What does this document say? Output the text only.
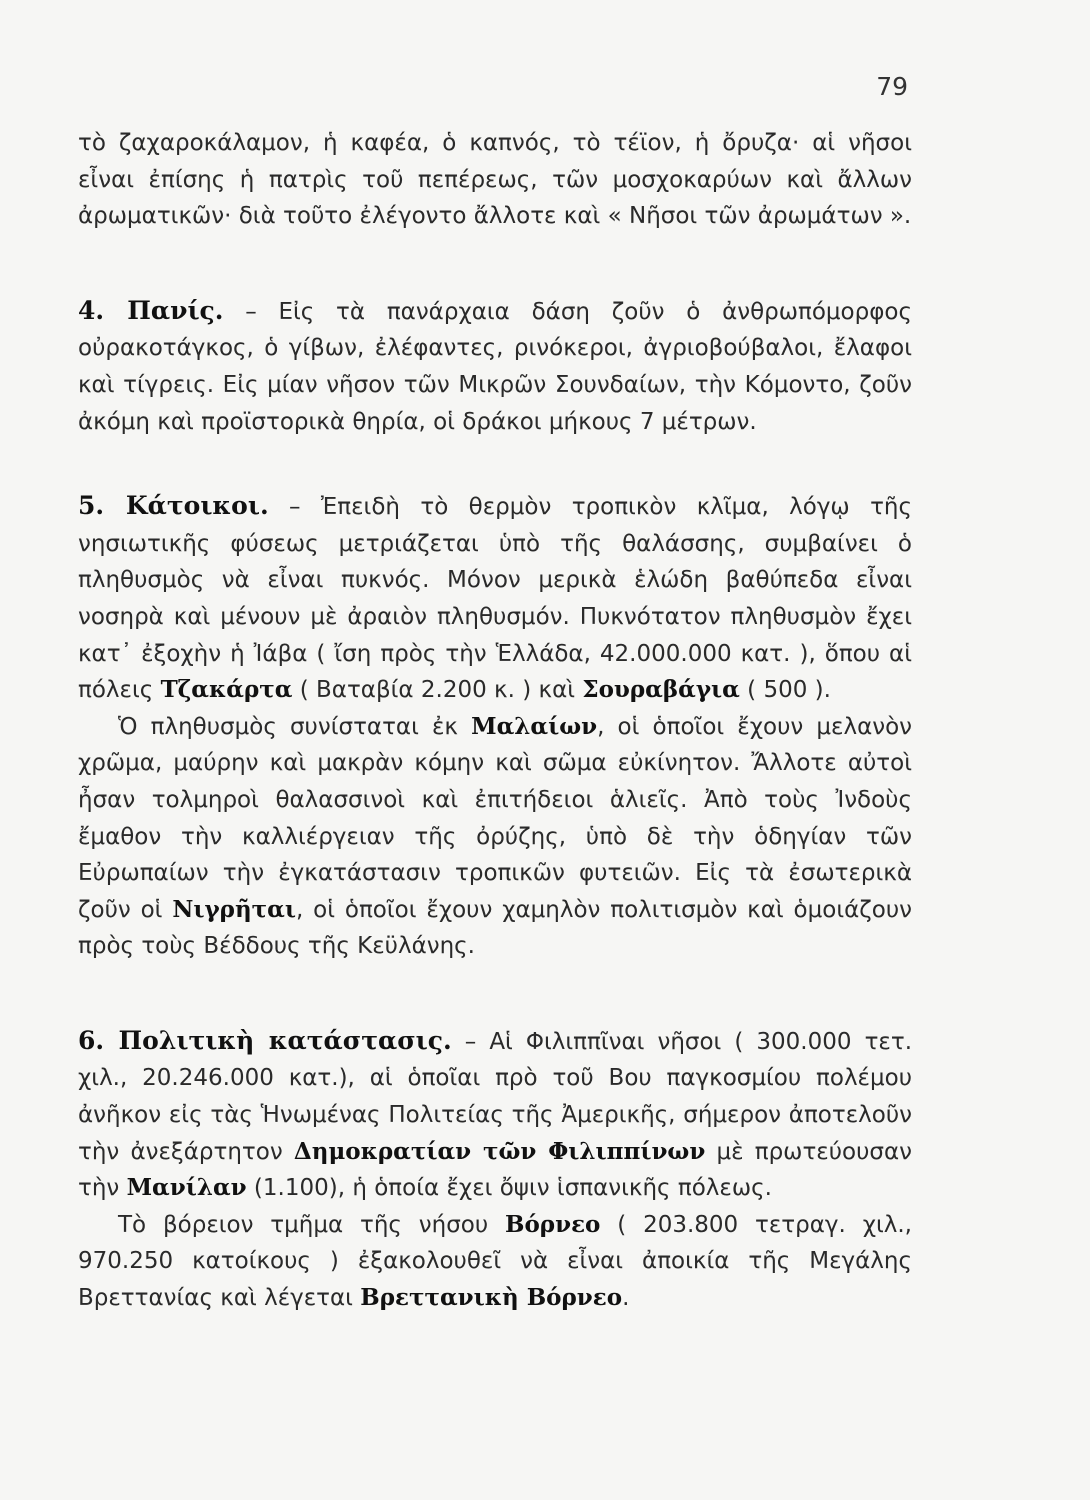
79

τὸ ζαχαροκάλαμον, ἡ καφέα, ὁ καπνός, τὸ τέϊον, ἡ ὄρυζα· αἱ νῆσοι εἶναι ἐπίσης ἡ πατρὶς τοῦ πεπέρεως, τῶν μοσχοκαρύων καὶ ἄλλων ἀρωματικῶν· διὰ τοῦτο ἐλέγοντο ἄλλοτε καὶ « Νῆσοι τῶν ἀρωμάτων ».

4. Πανίς. – Εἰς τὰ πανάρχαια δάση ζοῦν ὁ ἀνθρωπόμορφος οὐρακοτάγκος, ὁ γίβων, ἐλέφαντες, ρινόκεροι, ἀγριοβούβαλοι, ἔλαφοι καὶ τίγρεις. Εἰς μίαν νῆσον τῶν Μικρῶν Σουνδαίων, τὴν Κόμοντο, ζοῦν ἀκόμη καὶ προϊστορικὰ θηρία, οἱ δράκοι μήκους 7 μέτρων.

5. Κάτοικοι. – Ἐπειδὴ τὸ θερμὸν τροπικὸν κλῖμα, λόγῳ τῆς νησιωτικῆς φύσεως μετριάζεται ὑπὸ τῆς θαλάσσης, συμβαίνει ὁ πληθυσμὸς νὰ εἶναι πυκνός. Μόνον μερικὰ ἑλώδη βαθύπεδα εἶναι νοσηρὰ καὶ μένουν μὲ ἀραιὸν πληθυσμόν. Πυκνότατον πληθυσμὸν ἔχει κατ᾿ ἐξοχὴν ἡ Ἰάβα ( ἴση πρὸς τὴν Ἑλλάδα, 42.000.000 κατ. ), ὅπου αἱ πόλεις Τζακάρτα ( Βαταβία 2.200 κ. ) καὶ Σουραβάγια ( 500 ).

Ὁ πληθυσμὸς συνίσταται ἐκ Μαλαίων, οἱ ὁποῖοι ἔχουν μελανὸν χρῶμα, μαύρην καὶ μακρὰν κόμην καὶ σῶμα εὐκίνητον. Ἄλλοτε αὐτοὶ ἦσαν τολμηροὶ θαλασσινοὶ καὶ ἐπιτήδειοι ἁλιεῖς. Ἀπὸ τοὺς Ἰνδοὺς ἔμαθον τὴν καλλιέργειαν τῆς ὀρύζης, ὑπὸ δὲ τὴν ὁδηγίαν τῶν Εὐρωπαίων τὴν ἐγκατάστασιν τροπικῶν φυτειῶν. Εἰς τὰ ἐσωτερικὰ ζοῦν οἱ Νιγρῆται, οἱ ὁποῖοι ἔχουν χαμηλὸν πολιτισμὸν καὶ ὁμοιάζουν πρὸς τοὺς Βέδδους τῆς Κεϋλάνης.

6. Πολιτικὴ κατάστασις. – Αἱ Φιλιππῖναι νῆσοι ( 300.000 τετ. χιλ., 20.246.000 κατ.), αἱ ὁποῖαι πρὸ τοῦ Βου παγκοσμίου πολέμου ἀνῆκον εἰς τὰς Ἡνωμένας Πολιτείας τῆς Ἀμερικῆς, σήμερον ἀποτελοῦν τὴν ἀνεξάρτητον Δημοκρατίαν τῶν Φιλιππίνων μὲ πρωτεύουσαν τὴν Μανίλαν (1.100), ἡ ὁποία ἔχει ὄψιν ἱσπανικῆς πόλεως.

Τὸ βόρειον τμῆμα τῆς νήσου Βόρνεο ( 203.800 τετραγ. χιλ., 970.250 κατοίκους ) ἐξακολουθεῖ νὰ εἶναι ἀποικία τῆς Μεγάλης Βρεττανίας καὶ λέγεται Βρεττανικὴ Βόρνεο.
